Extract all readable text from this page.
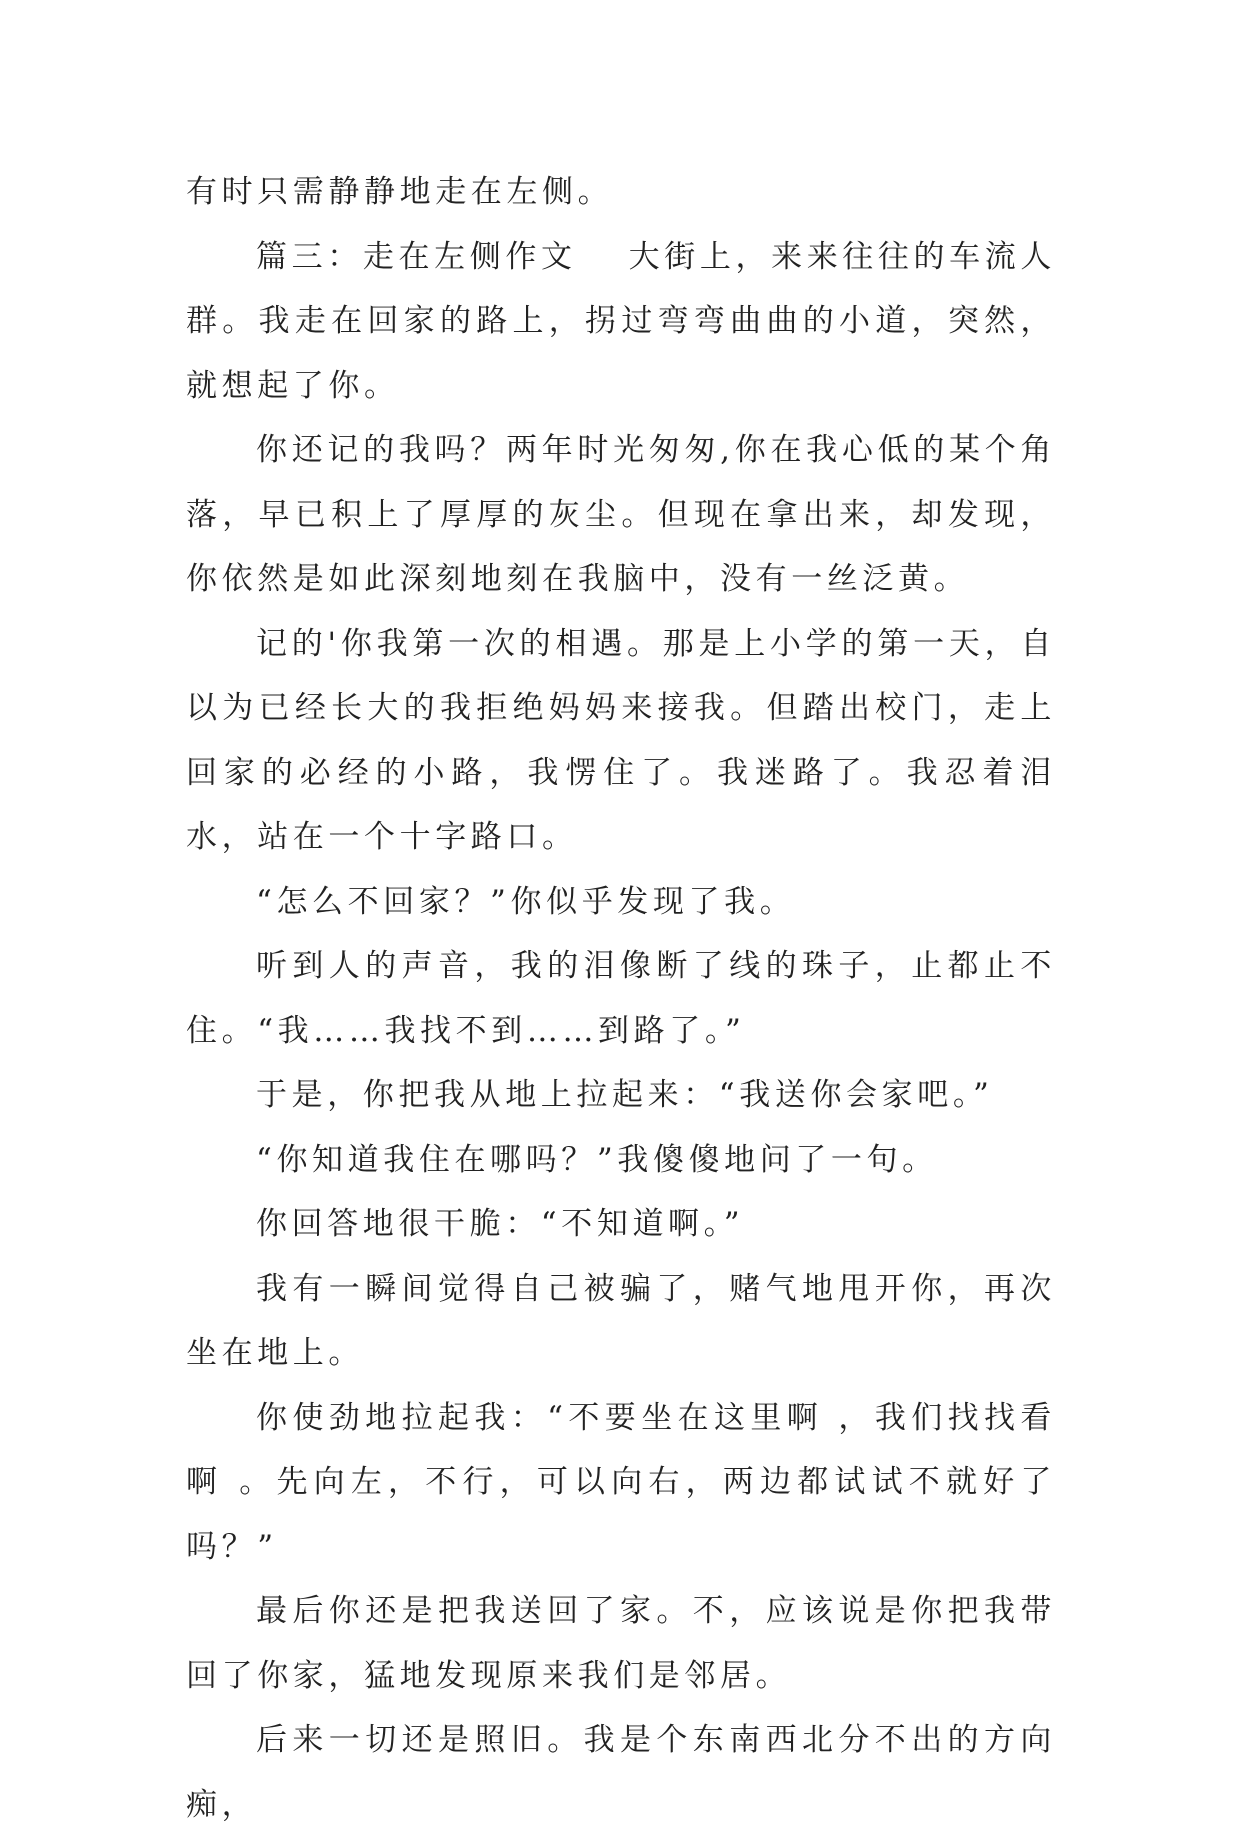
有时只需静静地走在左侧。

篇三：走在左侧作文 大街上，来来往往的车流人群。我走在回家的路上，拐过弯弯曲曲的小道，突然，就想起了你。

你还记的我吗？两年时光匆匆,你在我心低的某个角落，早已积上了厚厚的灰尘。但现在拿出来，却发现，你依然是如此深刻地刻在我脑中，没有一丝泛黄。

记的'你我第一次的相遇。那是上小学的第一天，自以为已经长大的我拒绝妈妈来接我。但踏出校门，走上回家的必经的小路，我愣住了。我迷路了。我忍着泪水，站在一个十字路口。

“怎么不回家？”你似乎发现了我。

听到人的声音，我的泪像断了线的珠子，止都止不住。“我……我找不到……到路了。”

于是，你把我从地上拉起来：“我送你会家吧。”

“你知道我住在哪吗？”我傻傻地问了一句。

你回答地很干脆：“不知道啊。”

我有一瞬间觉得自己被骗了，赌气地甩开你，再次坐在地上。

你使劲地拉起我：“不要坐在这里啊 ，我们找找看啊 。先向左，不行，可以向右，两边都试试不就好了吗？”

最后你还是把我送回了家。不，应该说是你把我带回了你家，猛地发现原来我们是邻居。

后来一切还是照旧。我是个东南西北分不出的方向痴，
